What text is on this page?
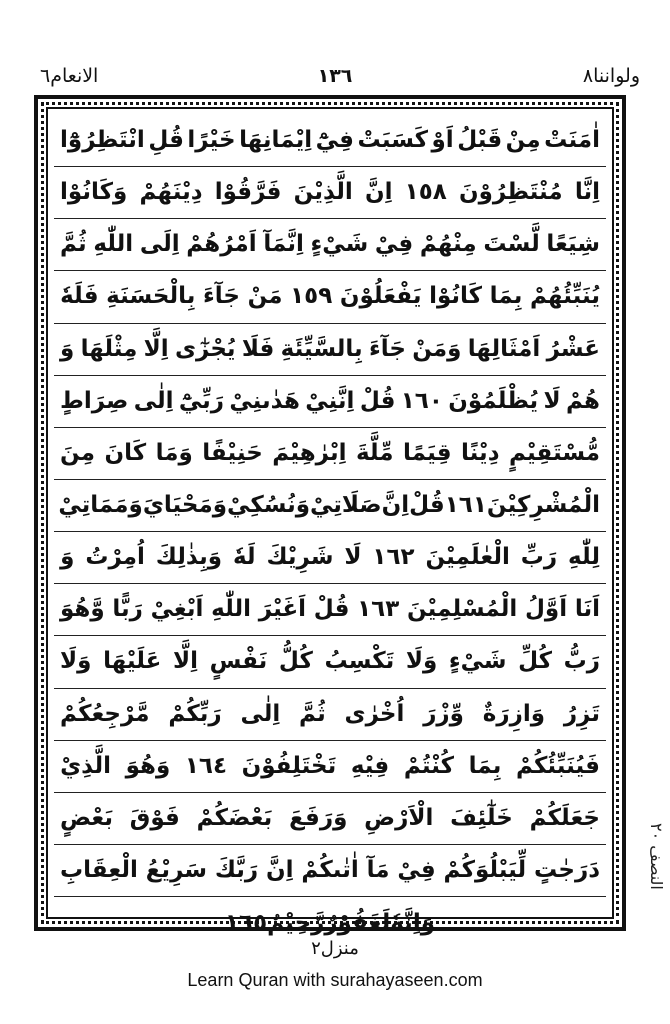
ولواننا٨
١٣٦
الانعام٦
اٰمَنَتْ
مِنْ
قَبْلُ
اَوْ
كَسَبَتْ
فِيْٓ
اِيْمَانِهَا
خَيْرًا
قُلِ
انْتَظِرُوْٓا
اِنَّا
مُنْتَظِرُوْنَ
١٥٨
اِنَّ
الَّذِيْنَ
فَرَّقُوْا
دِيْنَهُمْ
وَكَانُوْا
شِيَعًا
لَّسْتَ
مِنْهُمْ
فِيْ
شَيْءٍ
اِنَّمَآ
اَمْرُهُمْ
اِلَى
اللّٰهِ
ثُمَّ
يُنَبِّئُهُمْ
بِمَا
كَانُوْا
يَفْعَلُوْنَ
١٥٩
مَنْ
جَآءَ
بِالْحَسَنَةِ
فَلَهٗ
عَشْرُ
اَمْثَالِهَا
وَمَنْ
جَآءَ
بِالسَّيِّئَةِ
فَلَا
يُجْزٰٓى
اِلَّا
مِثْلَهَا
وَ
هُمْ
لَا
يُظْلَمُوْنَ
١٦٠
قُلْ
اِنَّنِيْ
هَدٰىنِيْ
رَبِّيْٓ
اِلٰى
صِرَاطٍ
مُّسْتَقِيْمٍ
دِيْنًا
قِيَمًا
مِّلَّةَ
اِبْرٰهِيْمَ
حَنِيْفًا
وَمَا
كَانَ
مِنَ
الْمُشْرِكِيْنَ
١٦١
قُلْ
اِنَّ
صَلَاتِيْ
وَنُسُكِيْ
وَمَحْيَايَ
وَمَمَاتِيْ
لِلّٰهِ
رَبِّ
الْعٰلَمِيْنَ
١٦٢
لَا
شَرِيْكَ
لَهٗ
وَبِذٰلِكَ
اُمِرْتُ
وَ
اَنَا
اَوَّلُ
الْمُسْلِمِيْنَ
١٦٣
قُلْ
اَغَيْرَ
اللّٰهِ
اَبْغِيْ
رَبًّا
وَّهُوَ
رَبُّ
كُلِّ
شَيْءٍ
وَلَا
تَكْسِبُ
كُلُّ
نَفْسٍ
اِلَّا
عَلَيْهَا
وَلَا
تَزِرُ
وَازِرَةٌ
وِّزْرَ
اُخْرٰى
ثُمَّ
اِلٰى
رَبِّكُمْ
مَّرْجِعُكُمْ
فَيُنَبِّئُكُمْ
بِمَا
كُنْتُمْ
فِيْهِ
تَخْتَلِفُوْنَ
١٦٤
وَهُوَ
الَّذِيْ
جَعَلَكُمْ
خَلٰٓئِفَ
الْاَرْضِ
وَرَفَعَ
بَعْضَكُمْ
فَوْقَ
بَعْضٍ
دَرَجٰتٍ
لِّيَبْلُوَكُمْ
فِيْ
مَآ
اٰتٰىكُمْ
اِنَّ
رَبَّكَ
سَرِيْعُ
الْعِقَابِ
وَاِنَّهٗ
لَغَفُوْرٌ
رَّحِيْمٌ
١٦٥
النصف ٢٠
منزل٢
Learn Quran with surahayaseen.com
